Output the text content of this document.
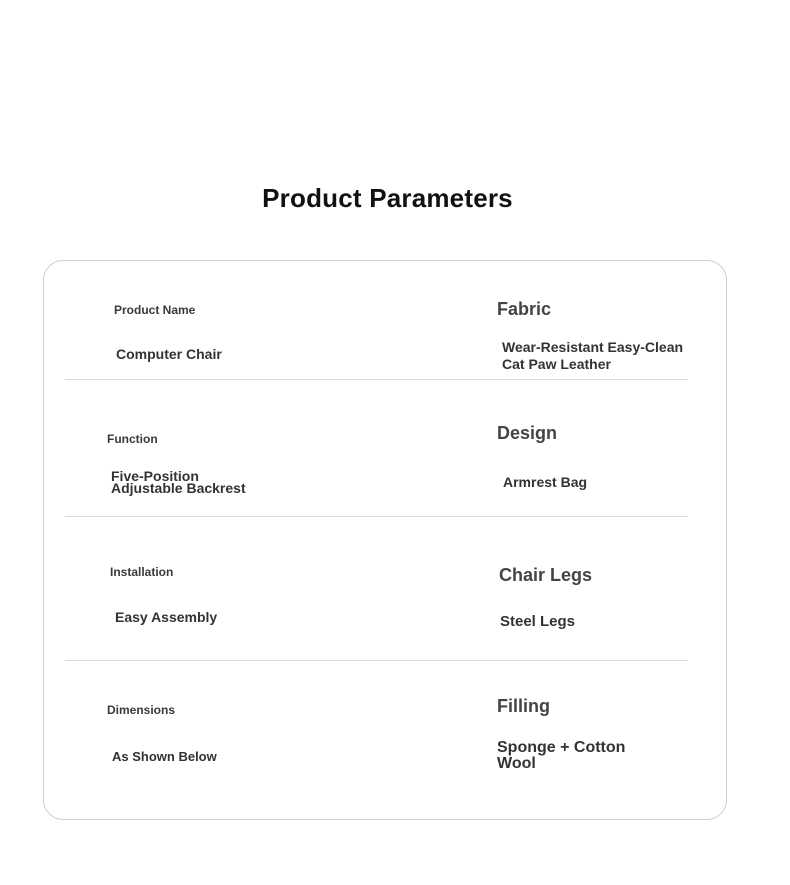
Product Parameters
Product Name
Computer Chair
Fabric
Wear-Resistant Easy-Clean
Cat Paw Leather
Function
Five-Position
Adjustable Backrest
Design
Armrest Bag
Installation
Easy Assembly
Chair Legs
Steel Legs
Dimensions
As Shown Below
Filling
Sponge + Cotton
Wool
